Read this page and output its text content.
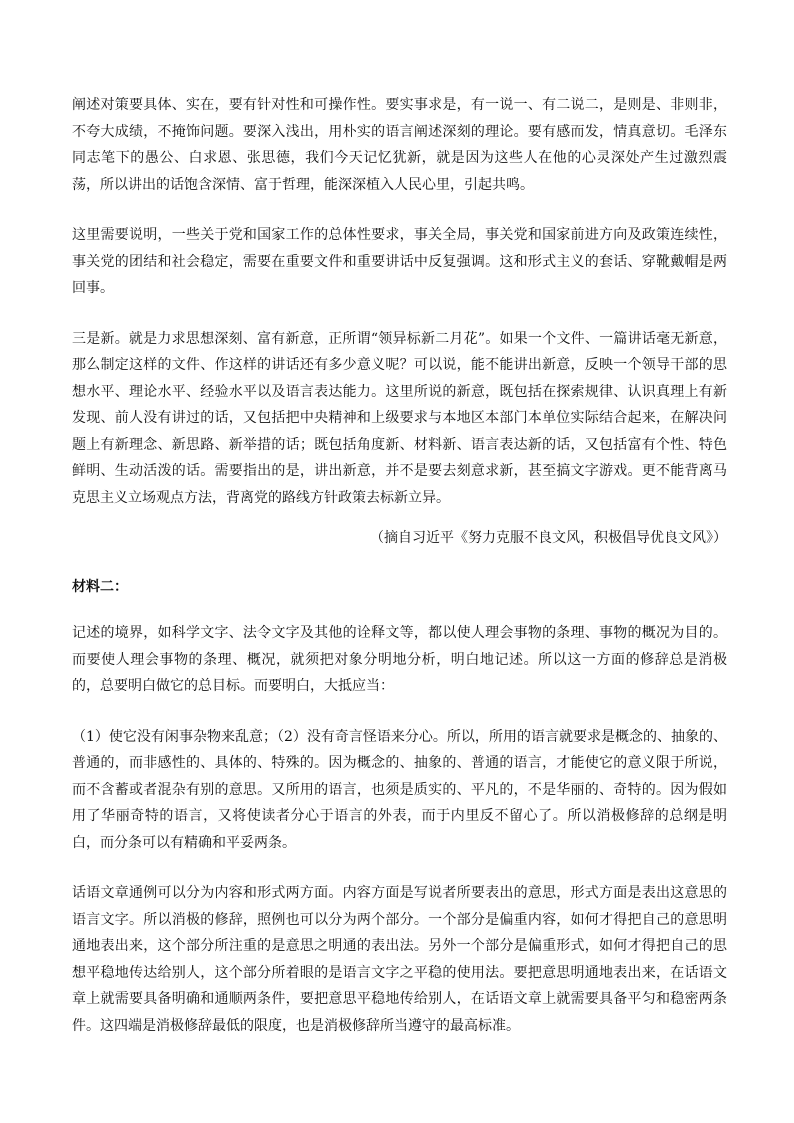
阐述对策要具体、实在，要有针对性和可操作性。要实事求是，有一说一、有二说二，是则是、非则非，不夸大成绩，不掩饰问题。要深入浅出，用朴实的语言阐述深刻的理论。要有感而发，情真意切。毛泽东同志笔下的愚公、白求恩、张思德，我们今天记忆犹新，就是因为这些人在他的心灵深处产生过激烈震荡，所以讲出的话饱含深情、富于哲理，能深深植入人民心里，引起共鸣。

这里需要说明，一些关于党和国家工作的总体性要求，事关全局，事关党和国家前进方向及政策连续性，事关党的团结和社会稳定，需要在重要文件和重要讲话中反复强调。这和形式主义的套话、穿靴戴帽是两回事。

三是新。就是力求思想深刻、富有新意，正所谓“领异标新二月花”。如果一个文件、一篇讲话毫无新意，那么制定这样的文件、作这样的讲话还有多少意义呢？可以说，能不能讲出新意，反映一个领导干部的思想水平、理论水平、经验水平以及语言表达能力。这里所说的新意，既包括在探索规律、认识真理上有新发现、前人没有讲过的话，又包括把中央精神和上级要求与本地区本部门本单位实际结合起来，在解决问题上有新理念、新思路、新举措的话；既包括角度新、材料新、语言表达新的话，又包括富有个性、特色鲜明、生动活泼的话。需要指出的是，讲出新意，并不是要去刻意求新，甚至搞文字游戏。更不能背离马克思主义立场观点方法，背离党的路线方针政策去标新立异。

（摘自习近平《努力克服不良文风，积极倡导优良文风》）

材料二：

记述的境界，如科学文字、法令文字及其他的诠释文等，都以使人理会事物的条理、事物的概况为目的。而要使人理会事物的条理、概况，就须把对象分明地分析，明白地记述。所以这一方面的修辞总是消极的，总要明白做它的总目标。而要明白，大抵应当：

（1）使它没有闲事杂物来乱意；（2）没有奇言怪语来分心。所以，所用的语言就要求是概念的、抽象的、普通的，而非感性的、具体的、特殊的。因为概念的、抽象的、普通的语言，才能使它的意义限于所说，而不含蓄或者混杂有别的意思。又所用的语言，也须是质实的、平凡的，不是华丽的、奇特的。因为假如用了华丽奇特的语言，又将使读者分心于语言的外表，而于内里反不留心了。所以消极修辞的总纲是明白，而分条可以有精确和平妥两条。

话语文章通例可以分为内容和形式两方面。内容方面是写说者所要表出的意思，形式方面是表出这意思的语言文字。所以消极的修辞，照例也可以分为两个部分。一个部分是偏重内容，如何才得把自己的意思明通地表出来，这个部分所注重的是意思之明通的表出法。另外一个部分是偏重形式，如何才得把自己的思想平稳地传达给别人，这个部分所着眼的是语言文字之平稳的使用法。要把意思明通地表出来，在话语文章上就需要具备明确和通顺两条件，要把意思平稳地传给别人，在话语文章上就需要具备平匀和稳密两条件。这四端是消极修辞最低的限度，也是消极修辞所当遵守的最高标准。
